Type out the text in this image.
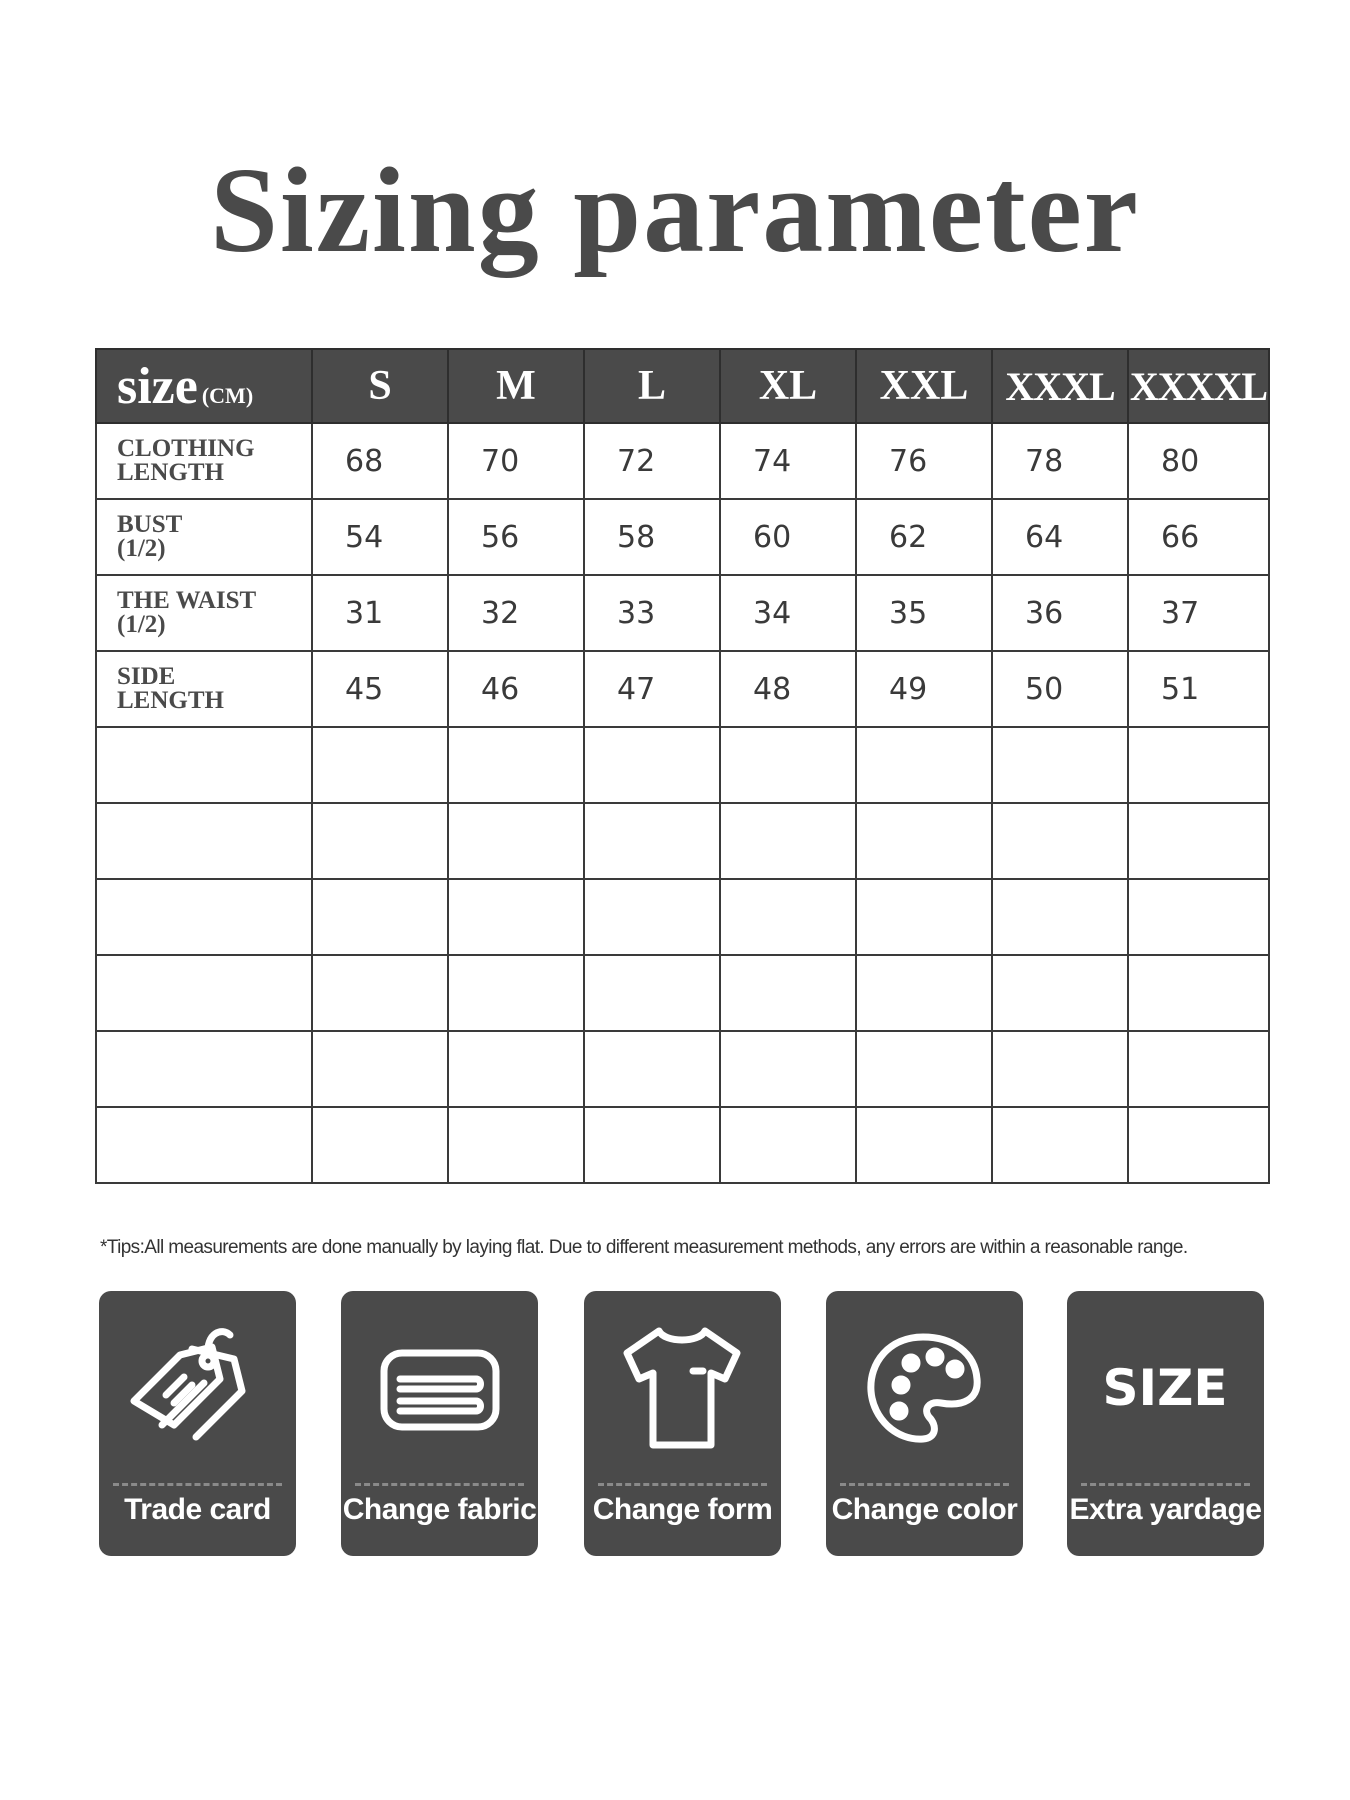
Sizing parameter
size (CM)	S	M	L	XL	XXL	XXXL	XXXXL

CLOTHING
LENGTH	68	70	72	74	76	78	80

BUST
(1/2)	54	56	58	60	62	64	66

THE WAIST
(1/2)	31	32	33	34	35	36	37

SIDE
LENGTH	45	46	47	48	49	50	51

*Tips:All measurements are done manually by laying flat. Due to different measurement methods, any errors are within a reasonable range.
Trade card	Change fabric Change form Change color
SIZE
Extra yardage
